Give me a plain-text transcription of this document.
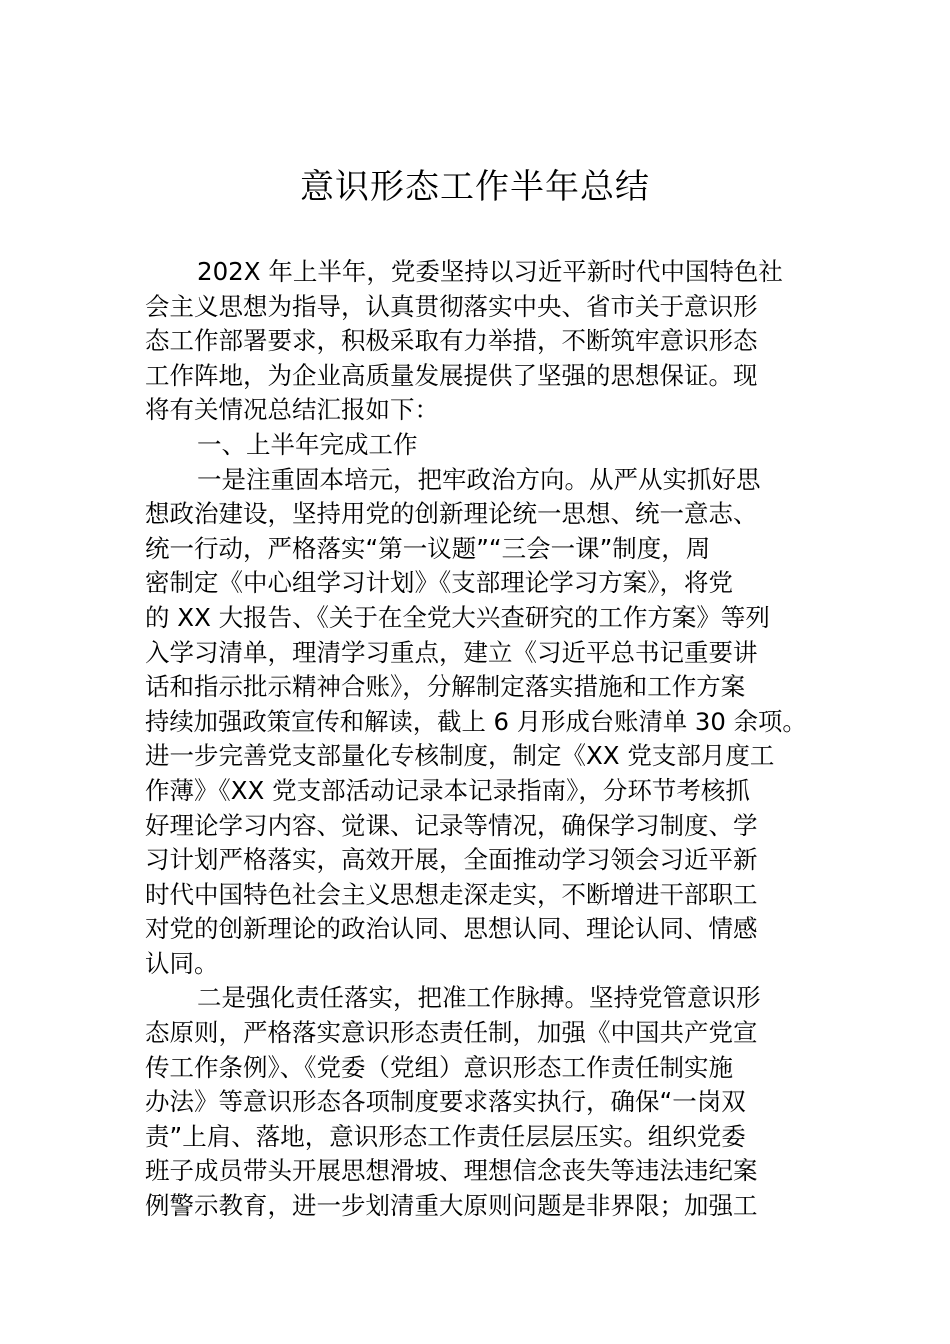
意识形态工作半年总结
202X 年上半年，党委坚持以习近平新时代中国特色社
会主义思想为指导，认真贯彻落实中央、省市关于意识形
态工作部署要求，积极采取有力举措，不断筑牢意识形态
工作阵地，为企业高质量发展提供了坚强的思想保证。现
将有关情况总结汇报如下：
一、上半年完成工作
一是注重固本培元，把牢政治方向。从严从实抓好思
想政治建设，坚持用党的创新理论统一思想、统一意志、
统一行动，严格落实“第一议题”“三会一课”制度，周
密制定《中心组学习计划》《支部理论学习方案》，将党
的 XX 大报告、《关于在全党大兴查研究的工作方案》等列
入学习清单，理清学习重点，建立《习近平总书记重要讲
话和指示批示精神合账》，分解制定落实措施和工作方案
持续加强政策宣传和解读，截上 6 月形成台账清单 30 余项。
进一步完善党支部量化专核制度，制定《XX 党支部月度工
作薄》《XX 党支部活动记录本记录指南》，分环节考核抓
好理论学习内容、觉课、记录等情况，确保学习制度、学
习计划严格落实，高效开展，全面推动学习领会习近平新
时代中国特色社会主义思想走深走实，不断增进干部职工
对党的创新理论的政治认同、思想认同、理论认同、情感
认同。
二是强化责任落实，把准工作脉搏。坚持党管意识形
态原则，严格落实意识形态责任制，加强《中国共产党宣
传工作条例》、《党委（党组）意识形态工作责任制实施
办法》等意识形态各项制度要求落实执行，确保“一岗双
责”上肩、落地，意识形态工作责任层层压实。组织党委
班子成员带头开展思想滑坡、理想信念丧失等违法违纪案
例警示教育，进一步划清重大原则问题是非界限；加强工
